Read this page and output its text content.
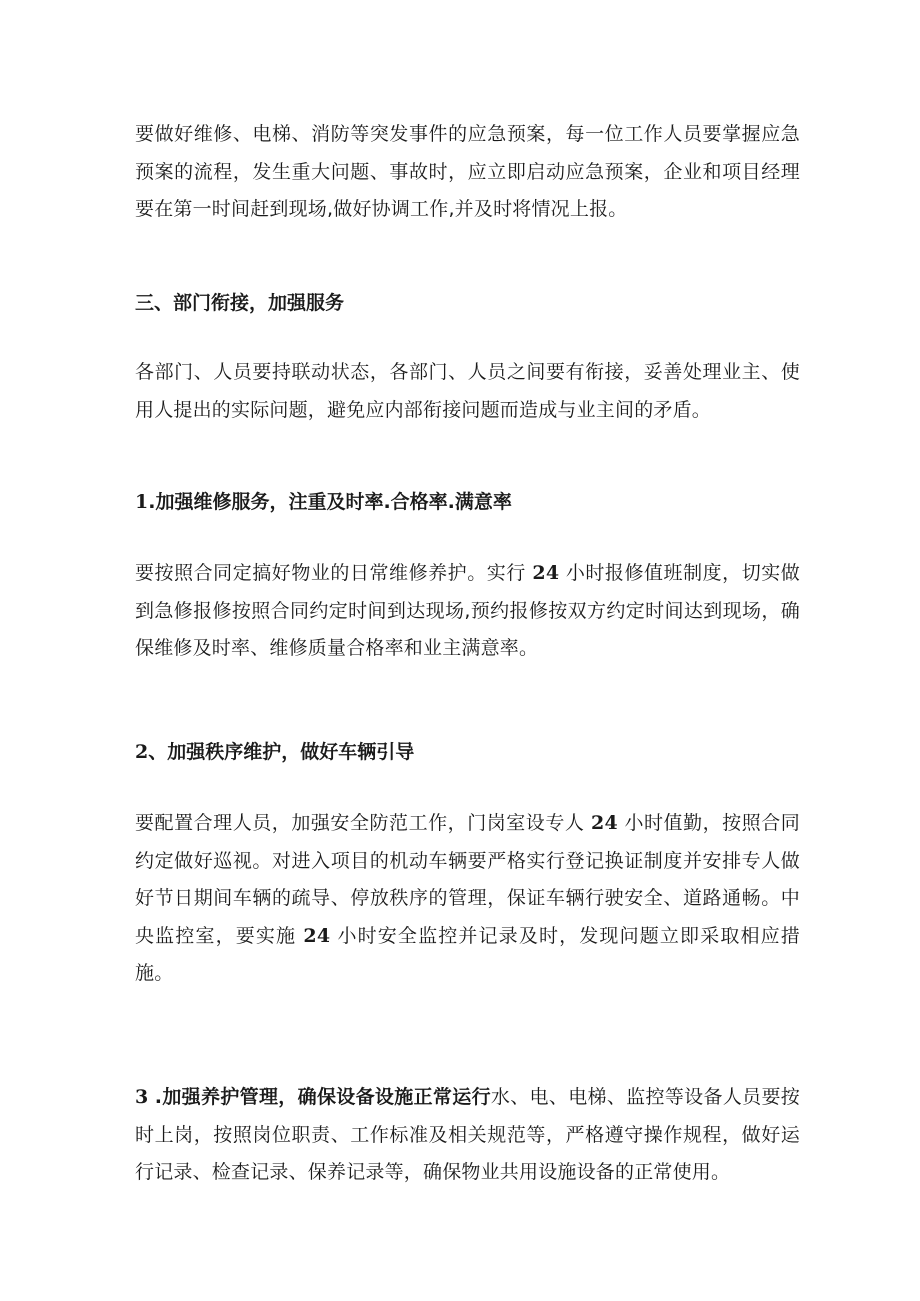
要做好维修、电梯、消防等突发事件的应急预案，每一位工作人员要掌握应急预案的流程，发生重大问题、事故时，应立即启动应急预案，企业和项目经理要在第一时间赶到现场,做好协调工作,并及时将情况上报。

三、部门衔接，加强服务

各部门、人员要持联动状态，各部门、人员之间要有衔接，妥善处理业主、使用人提出的实际问题，避免应内部衔接问题而造成与业主间的矛盾。

1.加强维修服务，注重及时率.合格率.满意率

要按照合同定搞好物业的日常维修养护。实行 24 小时报修值班制度，切实做到急修报修按照合同约定时间到达现场,预约报修按双方约定时间达到现场，确保维修及时率、维修质量合格率和业主满意率。

2、加强秩序维护，做好车辆引导

要配置合理人员，加强安全防范工作，门岗室设专人 24 小时值勤，按照合同约定做好巡视。对进入项目的机动车辆要严格实行登记换证制度并安排专人做好节日期间车辆的疏导、停放秩序的管理，保证车辆行驶安全、道路通畅。中央监控室，要实施 24 小时安全监控并记录及时，发现问题立即采取相应措施。

3 .加强养护管理，确保设备设施正常运行水、电、电梯、监控等设备人员要按时上岗，按照岗位职责、工作标准及相关规范等，严格遵守操作规程，做好运行记录、检查记录、保养记录等，确保物业共用设施设备的正常使用。
